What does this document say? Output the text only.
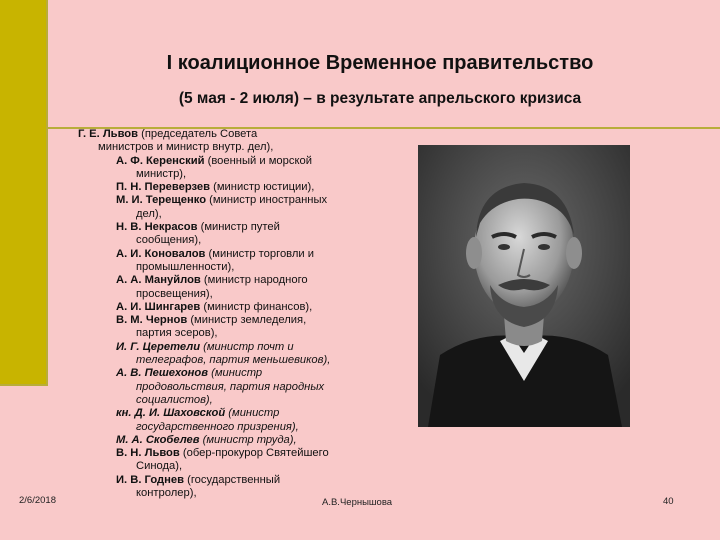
I коалиционное Временное правительство
(5 мая - 2 июля) – в результате апрельского кризиса
Г. Е. Львов (председатель Совета
министров и министр внутр. дел),
А. Ф. Керенский (военный и морской
министр),
П. Н. Переверзев (министр юстиции),
М. И. Терещенко (министр иностранных
дел),
Н. В. Некрасов (министр путей
сообщения),
А. И. Коновалов (министр торговли и
промышленности),
А. А. Мануйлов (министр народного
просвещения),
А. И. Шингарев (министр финансов),
В. М. Чернов (министр земледелия,
партия эсеров),
И. Г. Церетели (министр почт и
телеграфов, партия меньшевиков),
А. В. Пешехонов (министр
продовольствия, партия народных
социалистов),
кн. Д. И. Шаховской (министр
государственного призрения),
М. А. Скобелев (министр труда),
В. Н. Львов (обер-прокурор Святейшего
Синода),
И. В. Годнев (государственный
контролер),
2/6/2018	А.В.Чернышова	40
